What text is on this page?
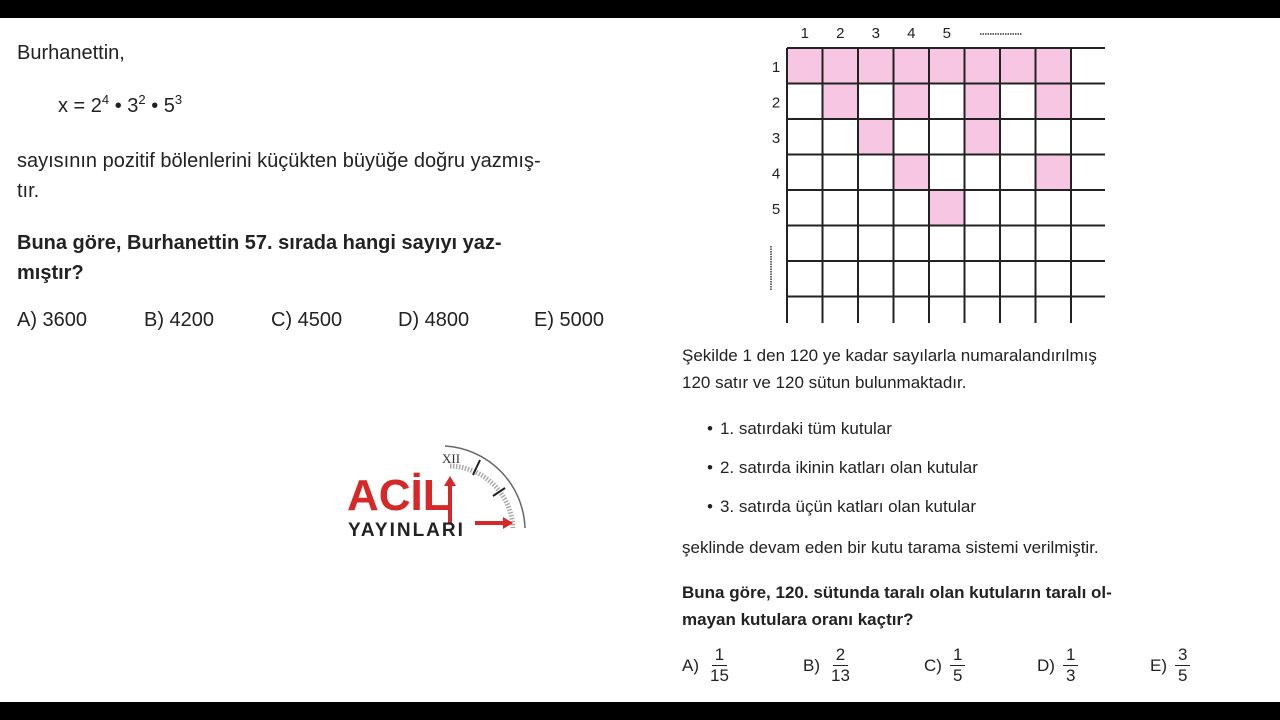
Burhanettin,
$x = 2^4$ • $3^2$ • $5^3$
sayısının pozitif bölenlerini küçükten büyüğe doğru yazmış-
tır.
Buna göre, Burhanettin 57. sırada hangi sayıyı yaz-
mıştır?
A) 3600	B) 4200	C) 4500	D) 4800	E) 5000
XII
ACİL
YAYINLARI
1 2 3 4 5
1
2
3
4
5
Şekilde 1 den 120 ye kadar sayılarla numaralandırılmış
120 satır ve 120 sütun bulunmaktadır.
• 1. satırdaki tüm kutular
• 2. satırda ikinin katları olan kutular
• 3. satırda üçün katları olan kutular
şeklinde devam eden bir kutu tarama sistemi verilmiştir.
Buna göre, 120. sütunda taralı olan kutuların taralı ol-
mayan kutulara oranı kaçtır?
$A) \frac{1}{15}$	$B) \frac{2}{13}$	$C) \frac{1}{5}$	$D) \frac{1}{3}$	$E) \frac{3}{5}$
